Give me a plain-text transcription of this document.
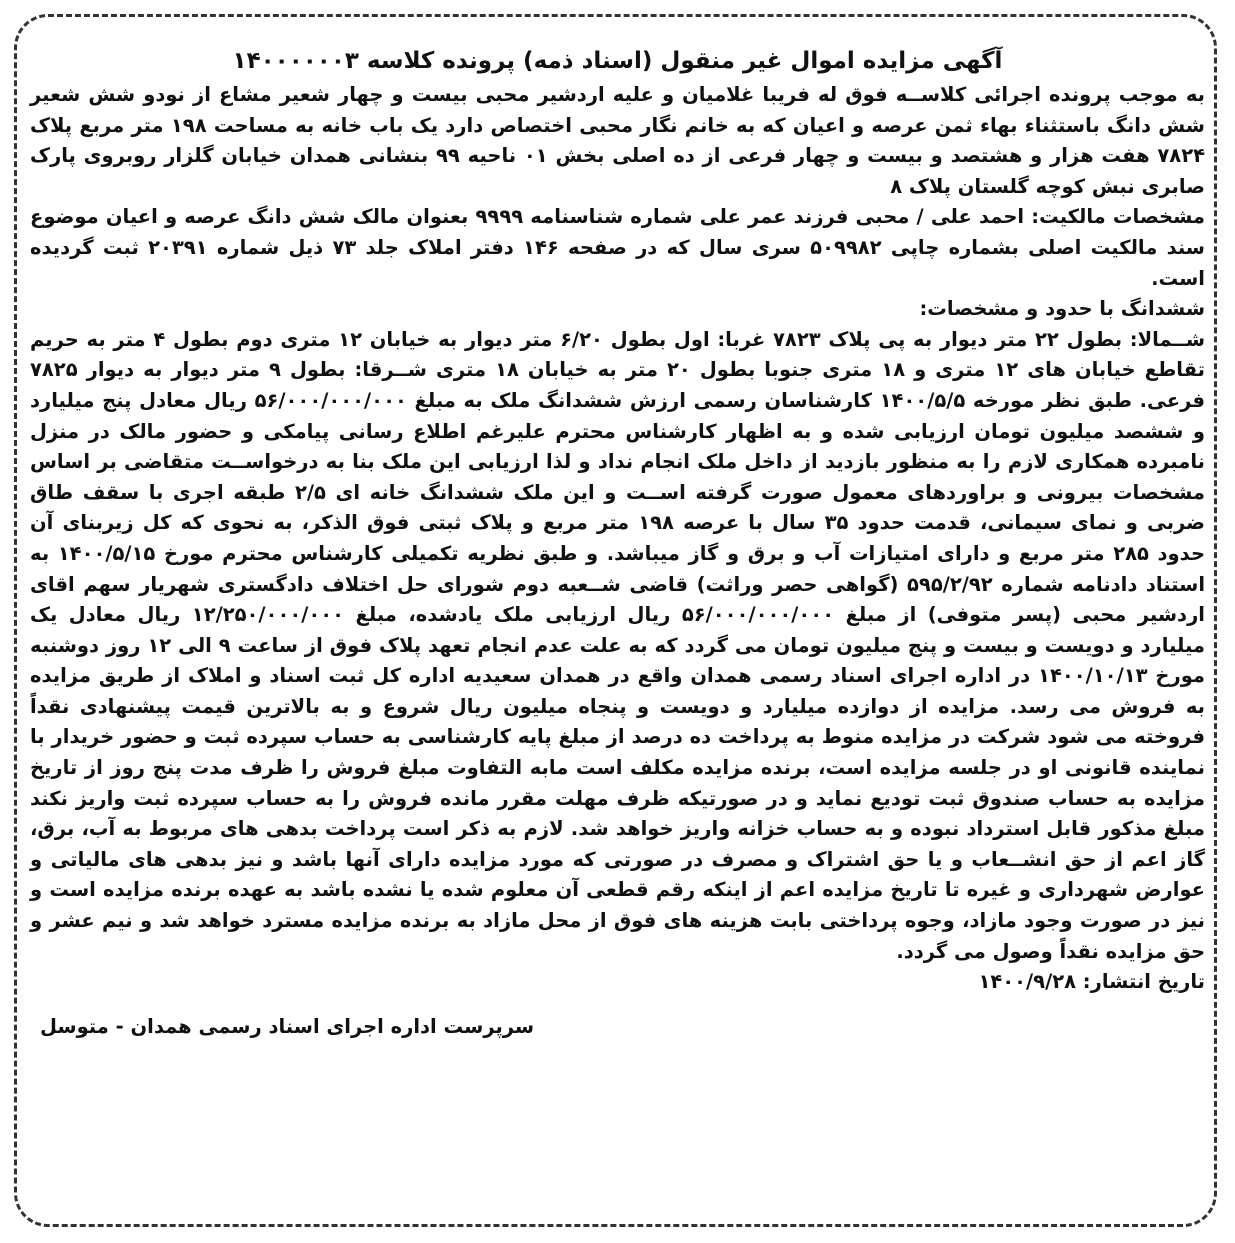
آگهی مزایده اموال غیر منقول (اسناد ذمه) پرونده کلاسه ۱۴۰۰۰۰۰۰۳

به موجب پرونده اجرائی کلاســه فوق له فریبا غلامیان و علیه اردشیر محبی بیست و چهار شعیر مشاع از نودو شش شعیر شش دانگ باستثناء بهاء ثمن عرصه و اعیان که به خانم نگار محبی اختصاص دارد یک باب خانه به مساحت ۱۹۸ متر مربع پلاک ۷۸۲۴ هفت هزار و هشتصد و بیست و چهار فرعی از ده اصلی بخش ۰۱ ناحیه ۹۹ بنشانی همدان خیابان گلزار روبروی پارک صابری نبش کوچه گلستان پلاک ۸

مشخصات مالکیت: احمد علی / محبی فرزند عمر علی شماره شناسنامه ۹۹۹۹ بعنوان مالک شش دانگ عرصه و اعیان موضوع سند مالکیت اصلی بشماره چاپی ۵۰۹۹۸۲ سری سال که در صفحه ۱۴۶ دفتر املاک جلد ۷۳ ذیل شماره ۲۰۳۹۱ ثبت گردیده است.

ششدانگ با حدود و مشخصات:

شــمالا: بطول ۲۲ متر دیوار به پی پلاک ۷۸۲۳ غربا: اول بطول ۶/۲۰ متر دیوار به خیابان ۱۲ متری دوم بطول ۴ متر به حریم تقاطع خیابان های ۱۲ متری و ۱۸ متری جنوبا بطول ۲۰ متر به خیابان ۱۸ متری شــرقا: بطول ۹ متر دیوار به دیوار ۷۸۲۵ فرعی. طبق نظر مورخه ۱۴۰۰/۵/۵ کارشناسان رسمی ارزش ششدانگ ملک به مبلغ ۵۶/۰۰۰/۰۰۰/۰۰۰ ریال معادل پنج میلیارد و ششصد میلیون تومان ارزیابی شده و به اظهار کارشناس محترم علیرغم اطلاع رسانی پیامکی و حضور مالک در منزل نامبرده همکاری لازم را به منظور بازدید از داخل ملک انجام نداد و لذا ارزیابی این ملک بنا به درخواســت متقاضی بر اساس مشخصات بیرونی و براوردهای معمول صورت گرفته اســت و این ملک ششدانگ خانه ای ۲/۵ طبقه اجری با سقف طاق ضربی و نمای سیمانی، قدمت حدود ۳۵ سال با عرصه ۱۹۸ متر مربع و پلاک ثبتی فوق الذکر، به نحوی که کل زیربنای آن حدود ۲۸۵ متر مربع و دارای امتیازات آب و برق و گاز میباشد. و طبق نظریه تکمیلی کارشناس محترم مورخ ۱۴۰۰/۵/۱۵ به استناد دادنامه شماره ۵۹۵/۲/۹۲ (گواهی حصر وراثت) قاضی شــعبه دوم شورای حل اختلاف دادگستری شهریار سهم اقای اردشیر محبی (پسر متوفی) از مبلغ ۵۶/۰۰۰/۰۰۰/۰۰۰ ریال ارزیابی ملک یادشده، مبلغ ۱۲/۲۵۰/۰۰۰/۰۰۰ ریال معادل یک میلیارد و دویست و بیست و پنج میلیون تومان می گردد که به علت عدم انجام تعهد پلاک فوق از ساعت ۹ الی ۱۲ روز دوشنبه مورخ ۱۴۰۰/۱۰/۱۳ در اداره اجرای اسناد رسمی همدان واقع در همدان سعیدیه اداره کل ثبت اسناد و املاک از طریق مزایده به فروش می رسد. مزایده از دوازده میلیارد و دویست و پنجاه میلیون ریال شروع و به بالاترین قیمت پیشنهادی نقداً فروخته می شود شرکت در مزایده منوط به پرداخت ده درصد از مبلغ پایه کارشناسی به حساب سپرده ثبت و حضور خریدار با نماینده قانونی او در جلسه مزایده است، برنده مزایده مکلف است مابه التفاوت مبلغ فروش را ظرف مدت پنج روز از تاریخ مزایده به حساب صندوق ثبت توديع نماید و در صورتیکه ظرف مهلت مقرر مانده فروش را به حساب سپرده ثبت واریز نکند مبلغ مذکور قابل استرداد نبوده و به حساب خزانه واریز خواهد شد. لازم به ذکر است پرداخت بدهی های مربوط به آب، برق، گاز اعم از حق انشــعاب و یا حق اشتراک و مصرف در صورتی که مورد مزایده دارای آنها باشد و نیز بدهی های مالیاتی و عوارض شهرداری و غیره تا تاریخ مزایده اعم از اینکه رقم قطعی آن معلوم شده یا نشده باشد به عهده برنده مزایده است و نیز در صورت وجود مازاد، وجوه پرداختی بابت هزینه های فوق از محل مازاد به برنده مزایده مسترد خواهد شد و نیم عشر و حق مزایده نقداً وصول می گردد.

تاریخ انتشار: ۱۴۰۰/۹/۲۸

سرپرست اداره اجرای اسناد رسمی همدان - متوسل
